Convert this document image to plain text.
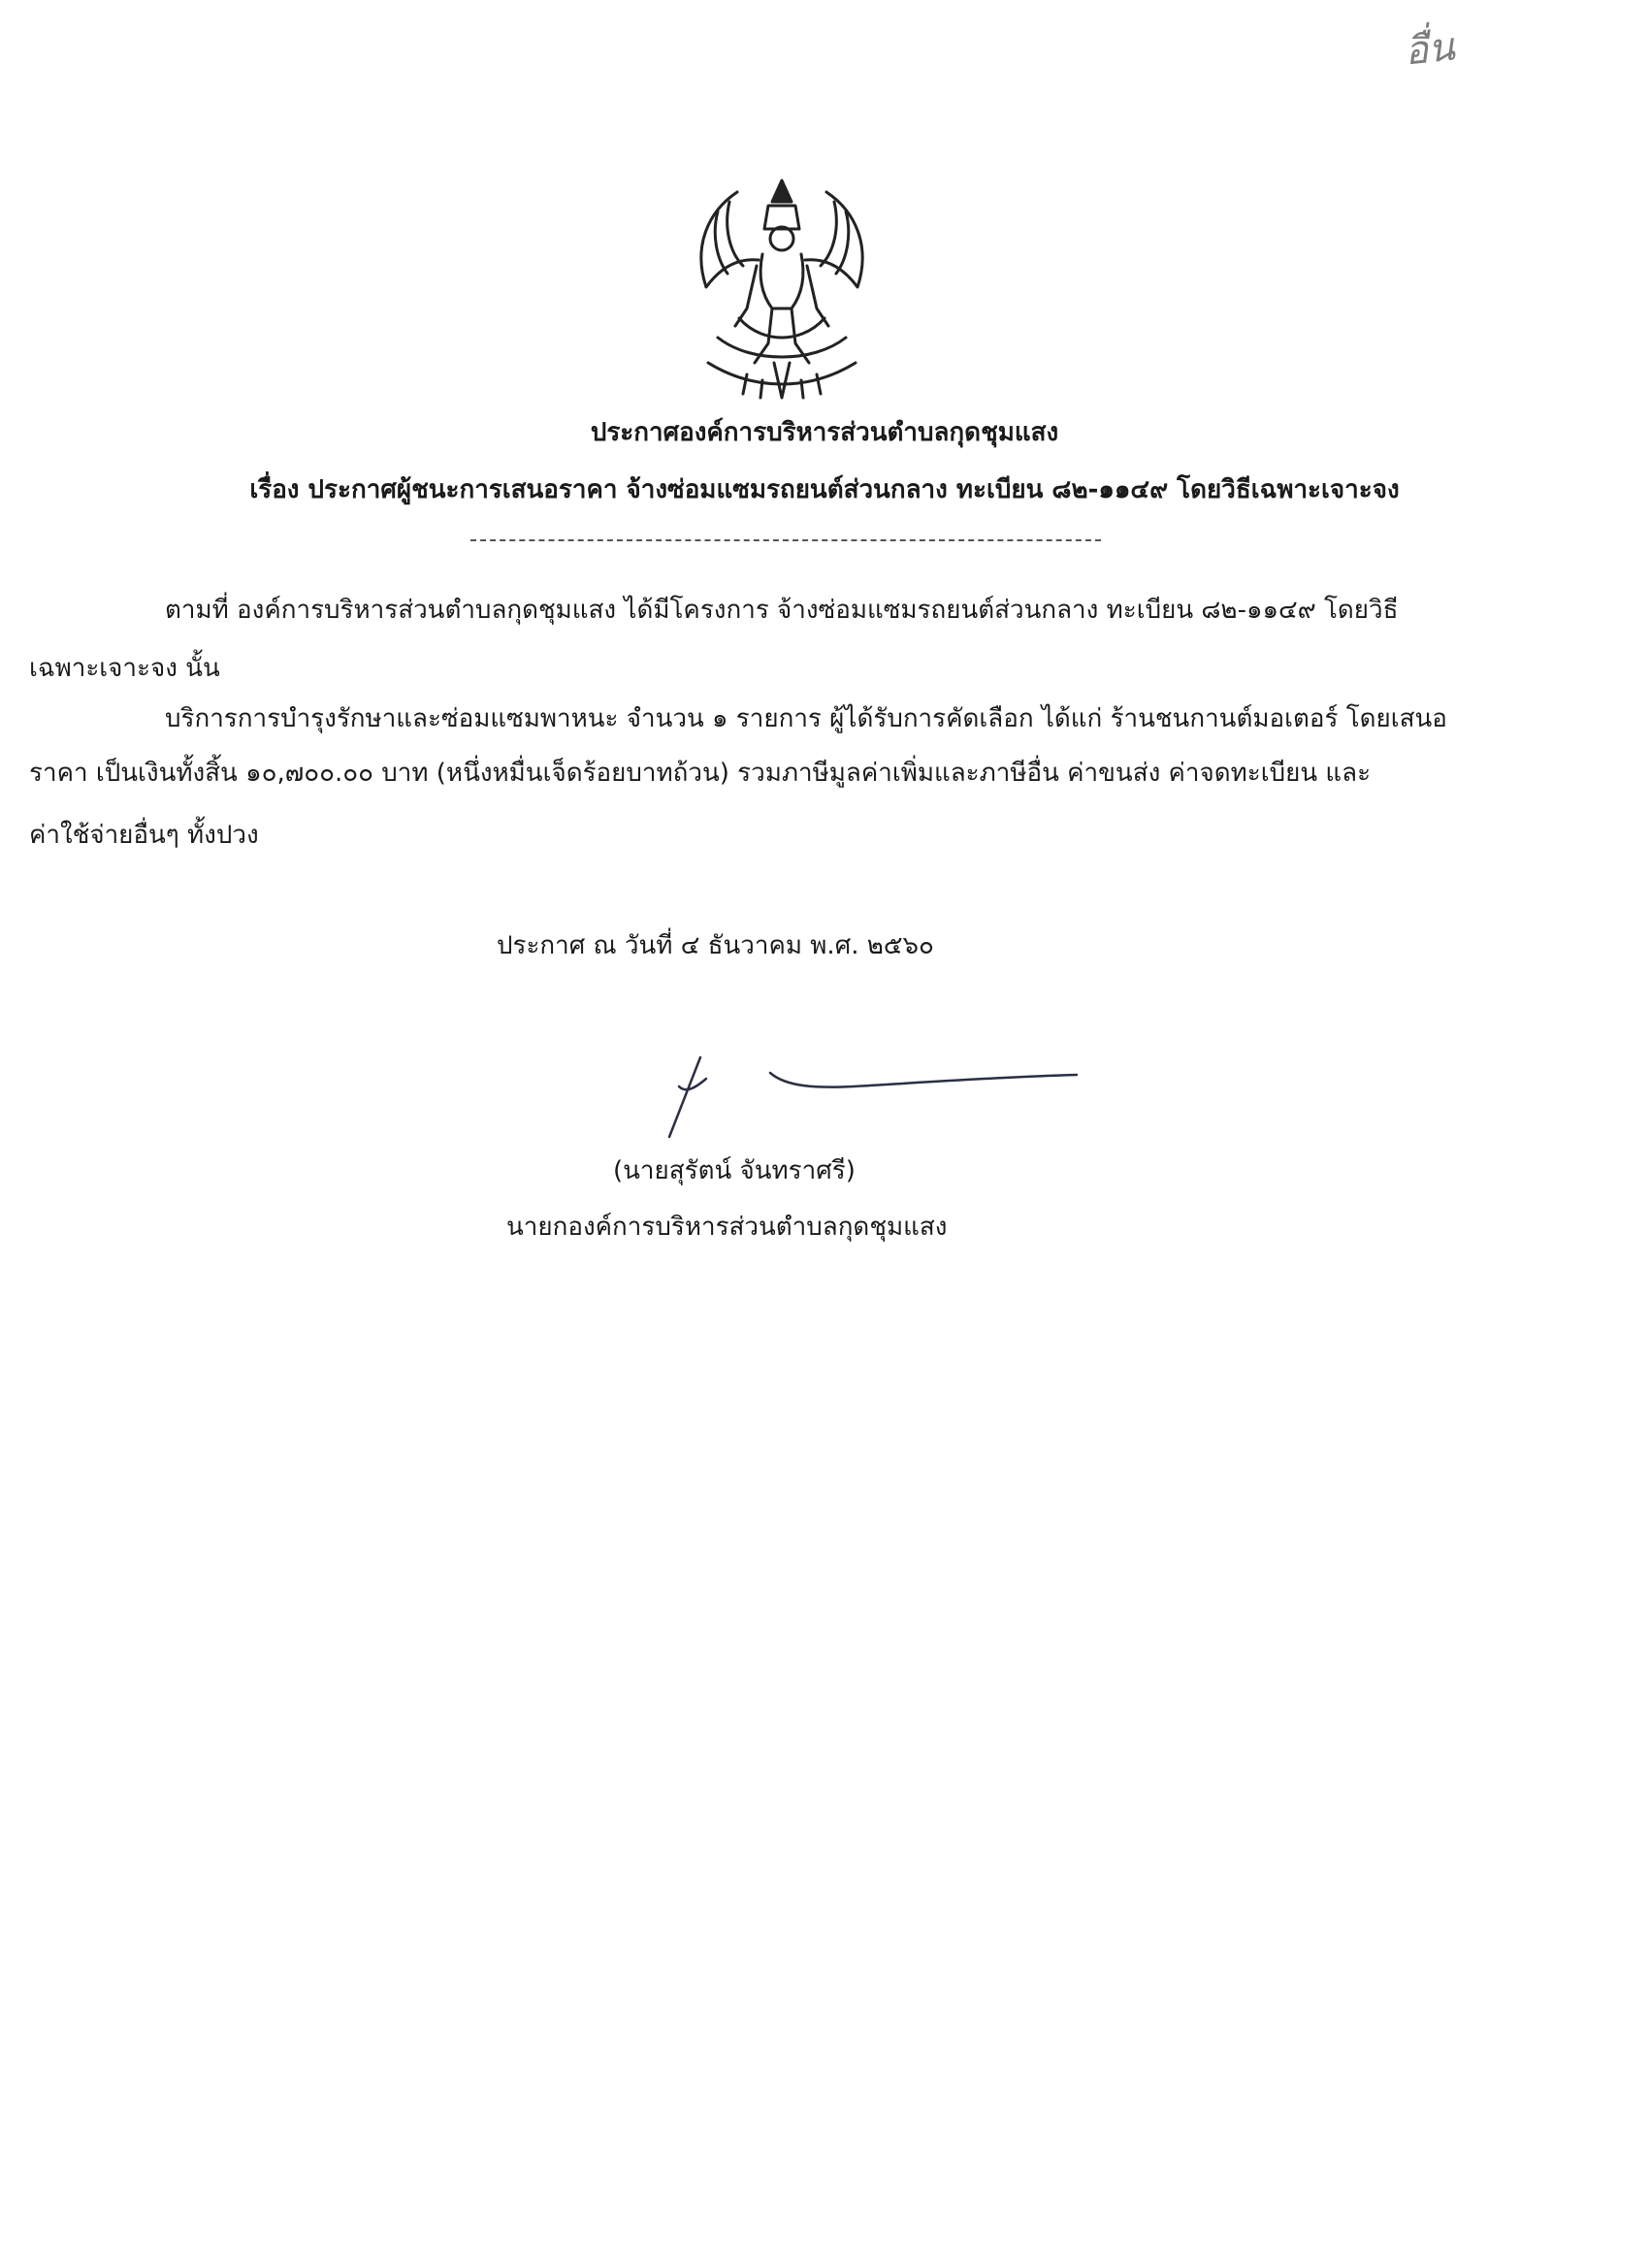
อื่น
ประกาศองค์การบริหารส่วนตำบลกุดชุมแสง
เรื่อง ประกาศผู้ชนะการเสนอราคา จ้างซ่อมแซมรถยนต์ส่วนกลาง ทะเบียน ๘๒-๑๑๔๙ โดยวิธีเฉพาะเจาะจง
ตามที่ องค์การบริหารส่วนตำบลกุดชุมแสง ได้มีโครงการ จ้างซ่อมแซมรถยนต์ส่วนกลาง ทะเบียน ๘๒-๑๑๔๙ โดยวิธี
เฉพาะเจาะจง นั้น
บริการการบำรุงรักษาและซ่อมแซมพาหนะ จำนวน ๑ รายการ ผู้ได้รับการคัดเลือก ได้แก่ ร้านชนกานต์มอเตอร์ โดยเสนอ
ราคา เป็นเงินทั้งสิ้น ๑๐,๗๐๐.๐๐ บาท (หนึ่งหมื่นเจ็ดร้อยบาทถ้วน) รวมภาษีมูลค่าเพิ่มและภาษีอื่น ค่าขนส่ง ค่าจดทะเบียน และ
ค่าใช้จ่ายอื่นๆ ทั้งปวง
ประกาศ ณ วันที่ ๔ ธันวาคม พ.ศ. ๒๕๖๐
(นายสุรัตน์ จันทราศรี)
นายกองค์การบริหารส่วนตำบลกุดชุมแสง
